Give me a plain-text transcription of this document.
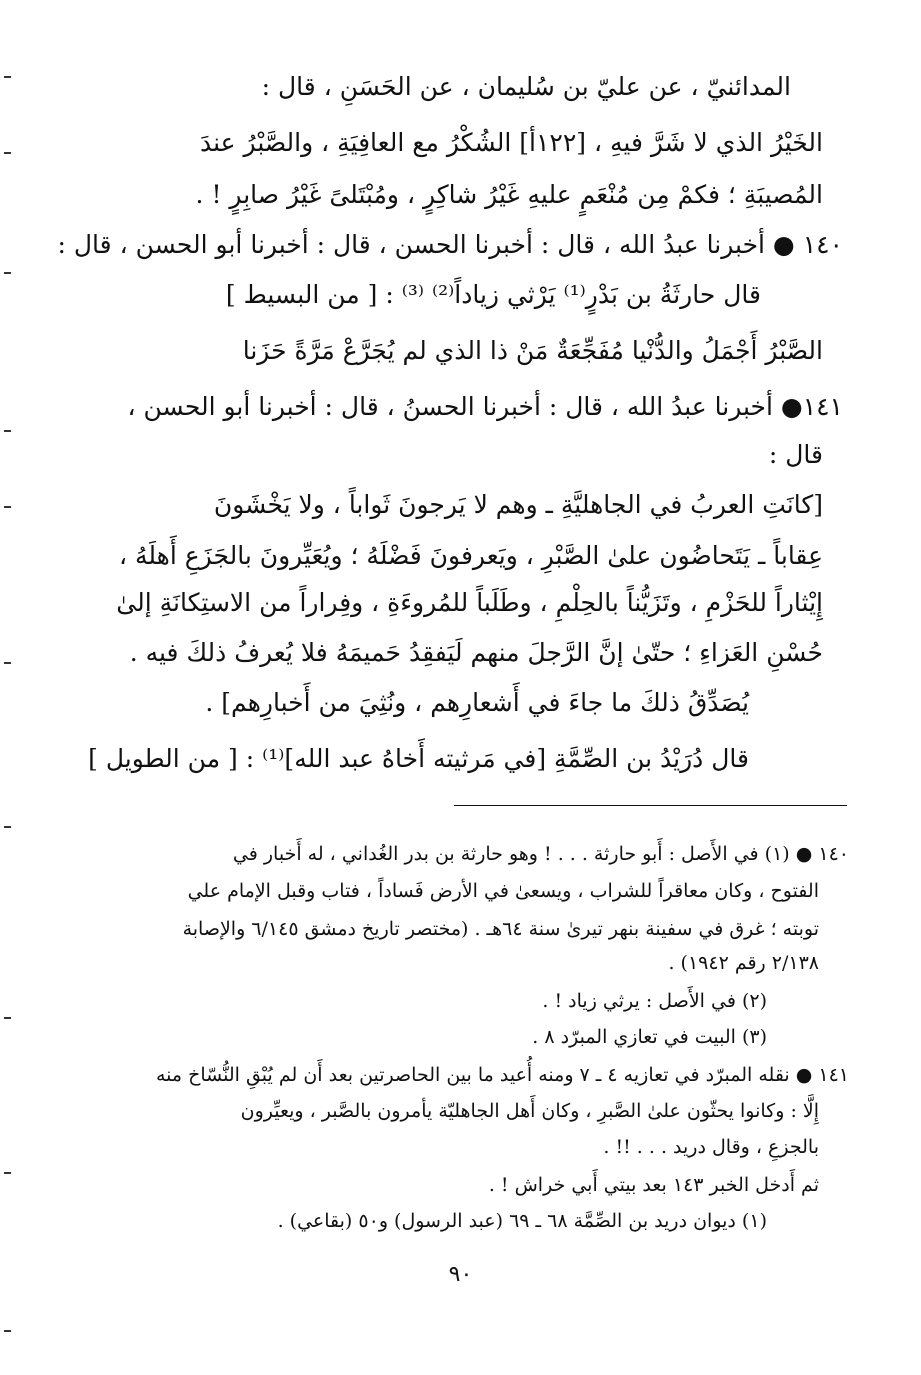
المدائنيّ ، عن عليّ بن سُليمان ، عن الحَسَنِ ، قال :
الخَيْرُ الذي لا شَرَّ فيهِ ، [١٢٢أ] الشُكْرُ مع العافِيَةِ ، والصَّبْرُ عندَ
المُصيبَةِ ؛ فكمْ مِن مُنْعَمٍ عليهِ غَيْرُ شاكِرٍ ، ومُبْتَلىً غَيْرُ صابِرٍ ! .
١٤٠ ● أخبرنا عبدُ الله ، قال : أخبرنا الحسن ، قال : أخبرنا أبو الحسن ، قال :
قال حارثَةُ بن بَدْرٍ⁽¹⁾ يَرْثي زياداً⁽²⁾ ⁽³⁾ : [ من البسيط ]
الصَّبْرُ أَجْمَلُ والدُّنْيا مُفَجِّعَةٌ مَنْ ذا الذي لم يُجَرَّعْ مَرَّةً حَزَنا
١٤١● أخبرنا عبدُ الله ، قال : أخبرنا الحسنُ ، قال : أخبرنا أبو الحسن ،
قال :
[كانَتِ العربُ في الجاهليَّةِ ـ وهم لا يَرجونَ ثَواباً ، ولا يَخْشَونَ
عِقاباً ـ يَتَحاضُون علىٰ الصَّبْرِ ، ويَعرفونَ فَضْلَهُ ؛ ويُعَيِّرونَ بالجَزَعِ أَهلَهُ ،
إِيْثاراً للحَزْمِ ، وتَزَيُّناً بالحِلْمِ ، وطَلَباً للمُروءَةِ ، وفِراراً من الاستِكانَةِ إلىٰ
حُسْنِ العَزاءِ ؛ حتّىٰ إنَّ الرَّجلَ منهم لَيَفقِدُ حَميمَهُ فلا يُعرفُ ذلكَ فيه .
يُصَدِّقُ ذلكَ ما جاءَ في أَشعارِهم ، ونُثِيَ من أَخبارِهم] .
قال دُرَيْدُ بن الصِّمَّةِ [في مَرثيته أَخاهُ عبد الله]⁽¹⁾ : [ من الطويل ]
١٤٠ ● (١) في الأَصل : أَبو حارثة . . . ! وهو حارثة بن بدر الغُداني ، له أَخبار في
الفتوح ، وكان معاقراً للشراب ، ويسعىٰ في الأرض فَساداً ، فتاب وقبل الإمام علي
توبته ؛ غرق في سفينة بنهر تيرىٰ سنة ٦٤هـ . (مختصر تاريخ دمشق ٦/١٤٥ والإصابة
٢/١٣٨ رقم ١٩٤٢) .
(٢) في الأَصل : يرثي زياد ! .
(٣) البيت في تعازي المبرّد ٨ .
١٤١ ● نقله المبرّد في تعازيه ٤ ـ ٧ ومنه أُعيد ما بين الحاصرتين بعد أَن لم يُبْقِ النُّسّاخ منه
إِلَّا : وكانوا يحثّون علىٰ الصَّبرِ ، وكان أَهل الجاهليّة يأمرون بالصَّبر ، ويعيِّرون
بالجزعِ ، وقال دريد . . . !! .
ثم أَدخل الخبر ١٤٣ بعد بيتي أَبي خراش ! .
(١) ديوان دريد بن الصِّمَّة ٦٨ ـ ٦٩ (عبد الرسول) و٥٠ (بقاعي) .
٩٠
